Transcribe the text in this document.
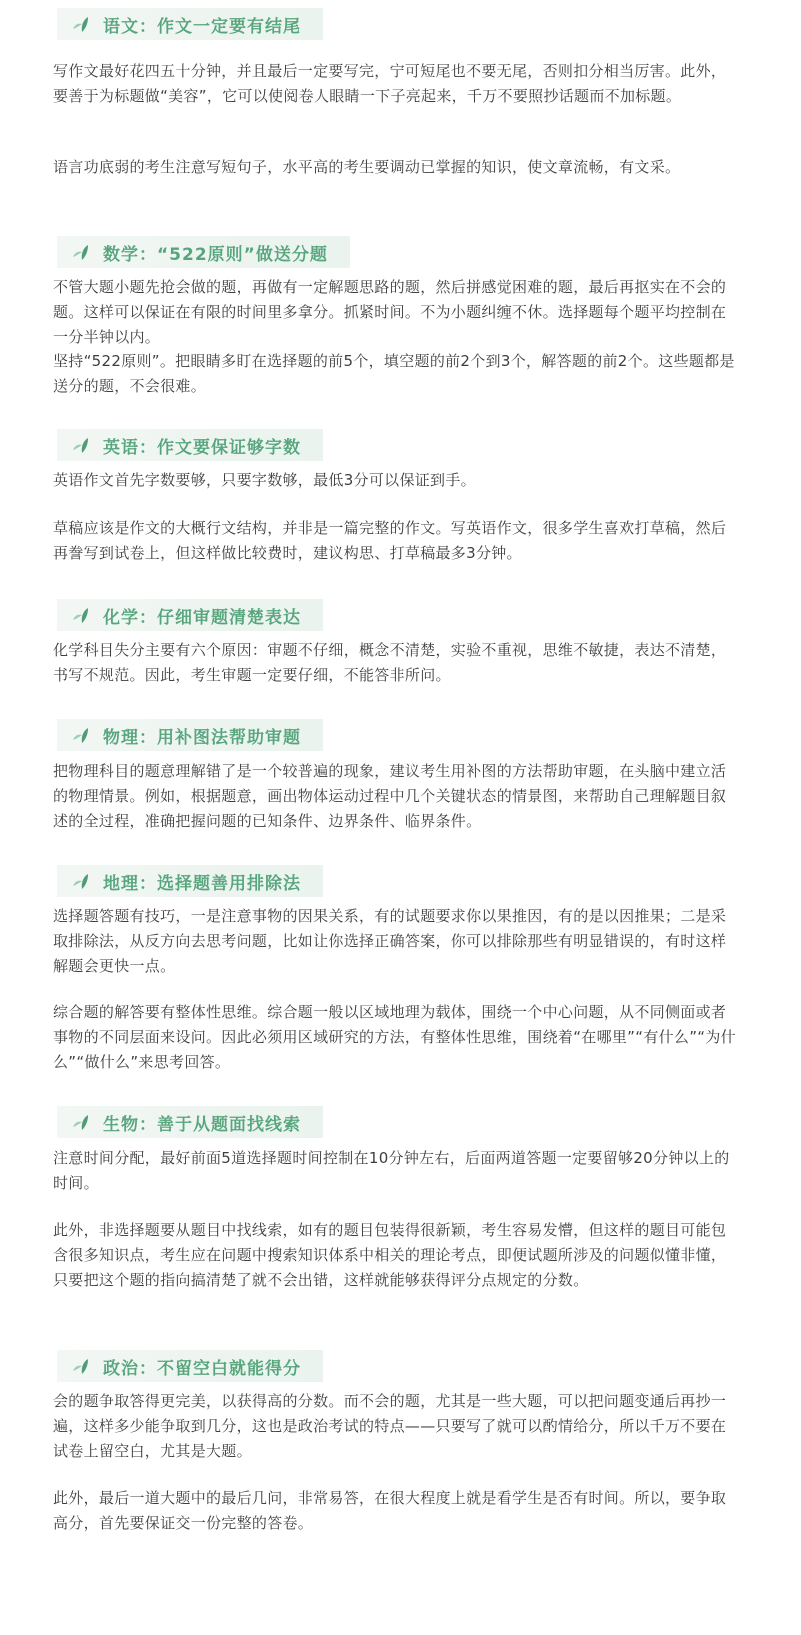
语文：作文一定要有结尾

写作文最好花四五十分钟，并且最后一定要写完，宁可短尾也不要无尾，否则扣分相当厉害。此外，要善于为标题做“美容”，它可以使阅卷人眼睛一下子亮起来，千万不要照抄话题而不加标题。

语言功底弱的考生注意写短句子，水平高的考生要调动已掌握的知识，使文章流畅，有文采。

数学：“522原则”做送分题

不管大题小题先抢会做的题，再做有一定解题思路的题，然后拼感觉困难的题，最后再抠实在不会的题。这样可以保证在有限的时间里多拿分。抓紧时间。不为小题纠缠不休。选择题每个题平均控制在一分半钟以内。

坚持“522原则”。把眼睛多盯在选择题的前5个，填空题的前2个到3个，解答题的前2个。这些题都是送分的题，不会很难。

英语：作文要保证够字数

英语作文首先字数要够，只要字数够，最低3分可以保证到手。

草稿应该是作文的大概行文结构，并非是一篇完整的作文。写英语作文，很多学生喜欢打草稿，然后再誊写到试卷上，但这样做比较费时，建议构思、打草稿最多3分钟。

化学：仔细审题清楚表达

化学科目失分主要有六个原因：审题不仔细，概念不清楚，实验不重视，思维不敏捷，表达不清楚，书写不规范。因此，考生审题一定要仔细，不能答非所问。

物理：用补图法帮助审题

把物理科目的题意理解错了是一个较普遍的现象，建议考生用补图的方法帮助审题，在头脑中建立活的物理情景。例如，根据题意，画出物体运动过程中几个关键状态的情景图，来帮助自己理解题目叙述的全过程，准确把握问题的已知条件、边界条件、临界条件。

地理：选择题善用排除法

选择题答题有技巧，一是注意事物的因果关系，有的试题要求你以果推因，有的是以因推果；二是采取排除法，从反方向去思考问题，比如让你选择正确答案，你可以排除那些有明显错误的，有时这样解题会更快一点。

综合题的解答要有整体性思维。综合题一般以区域地理为载体，围绕一个中心问题，从不同侧面或者事物的不同层面来设问。因此必须用区域研究的方法，有整体性思维，围绕着“在哪里”“有什么”“为什么”“做什么”来思考回答。

生物：善于从题面找线索

注意时间分配，最好前面5道选择题时间控制在10分钟左右，后面两道答题一定要留够20分钟以上的时间。

此外，非选择题要从题目中找线索，如有的题目包装得很新颖，考生容易发懵，但这样的题目可能包含很多知识点，考生应在问题中搜索知识体系中相关的理论考点，即便试题所涉及的问题似懂非懂，只要把这个题的指向搞清楚了就不会出错，这样就能够获得评分点规定的分数。

政治：不留空白就能得分

会的题争取答得更完美，以获得高的分数。而不会的题，尤其是一些大题，可以把问题变通后再抄一遍，这样多少能争取到几分，这也是政治考试的特点——只要写了就可以酌情给分，所以千万不要在试卷上留空白，尤其是大题。

此外，最后一道大题中的最后几问，非常易答，在很大程度上就是看学生是否有时间。所以，要争取高分，首先要保证交一份完整的答卷。
